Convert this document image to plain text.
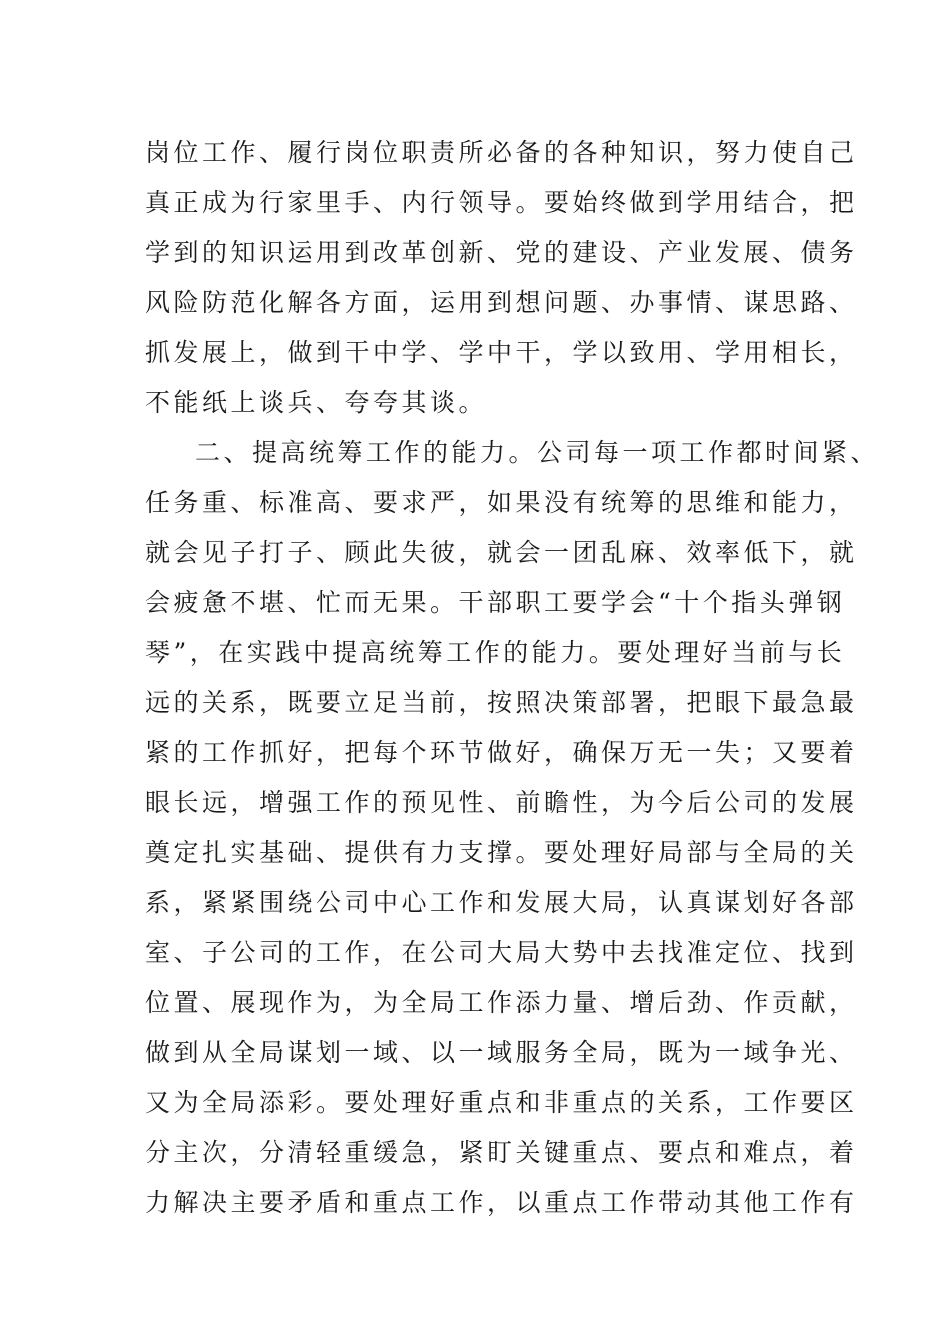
岗位工作、履行岗位职责所必备的各种知识，努力使自己
真正成为行家里手、内行领导。要始终做到学用结合，把
学到的知识运用到改革创新、党的建设、产业发展、债务
风险防范化解各方面，运用到想问题、办事情、谋思路、
抓发展上，做到干中学、学中干，学以致用、学用相长，
不能纸上谈兵、夸夸其谈。
二、提高统筹工作的能力。公司每一项工作都时间紧、
任务重、标准高、要求严，如果没有统筹的思维和能力，
就会见子打子、顾此失彼，就会一团乱麻、效率低下，就
会疲惫不堪、忙而无果。干部职工要学会“十个指头弹钢
琴”，在实践中提高统筹工作的能力。要处理好当前与长
远的关系，既要立足当前，按照决策部署，把眼下最急最
紧的工作抓好，把每个环节做好，确保万无一失；又要着
眼长远，增强工作的预见性、前瞻性，为今后公司的发展
奠定扎实基础、提供有力支撑。要处理好局部与全局的关
系，紧紧围绕公司中心工作和发展大局，认真谋划好各部
室、子公司的工作，在公司大局大势中去找准定位、找到
位置、展现作为，为全局工作添力量、增后劲、作贡献，
做到从全局谋划一域、以一域服务全局，既为一域争光、
又为全局添彩。要处理好重点和非重点的关系，工作要区
分主次，分清轻重缓急，紧盯关键重点、要点和难点，着
力解决主要矛盾和重点工作，以重点工作带动其他工作有
